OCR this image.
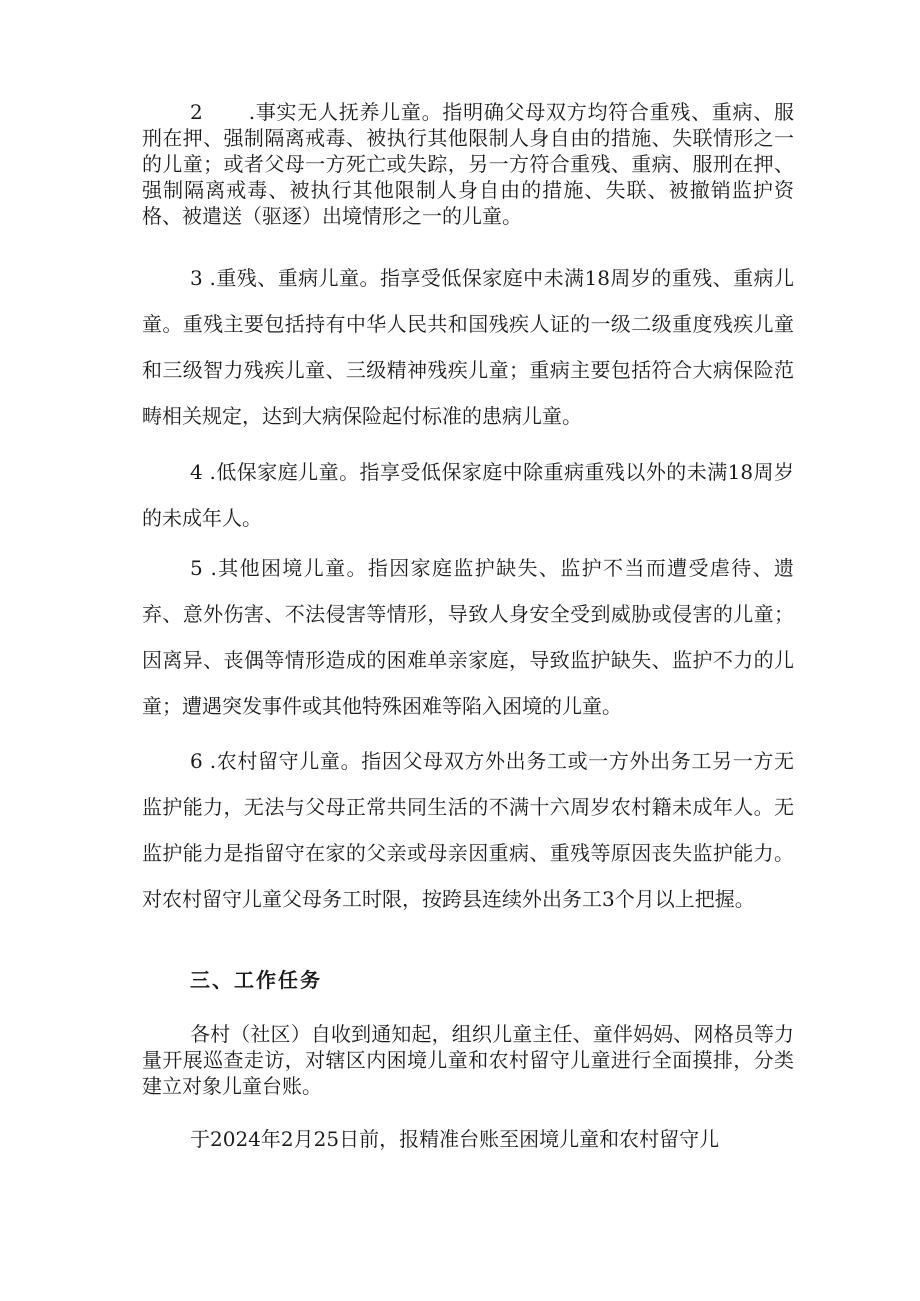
2 .事实无人抚养儿童。指明确父母双方均符合重残、重病、服刑在押、强制隔离戒毒、被执行其他限制人身自由的措施、失联情形之一的儿童；或者父母一方死亡或失踪，另一方符合重残、重病、服刑在押、强制隔离戒毒、被执行其他限制人身自由的措施、失联、被撤销监护资格、被遣送（驱逐）出境情形之一的儿童。

3 .重残、重病儿童。指享受低保家庭中未满18周岁的重残、重病儿童。重残主要包括持有中华人民共和国残疾人证的一级二级重度残疾儿童和三级智力残疾儿童、三级精神残疾儿童；重病主要包括符合大病保险范畴相关规定，达到大病保险起付标准的患病儿童。

4 .低保家庭儿童。指享受低保家庭中除重病重残以外的未满18周岁的未成年人。

5 .其他困境儿童。指因家庭监护缺失、监护不当而遭受虐待、遗弃、意外伤害、不法侵害等情形，导致人身安全受到威胁或侵害的儿童；因离异、丧偶等情形造成的困难单亲家庭，导致监护缺失、监护不力的儿童；遭遇突发事件或其他特殊困难等陷入困境的儿童。

6 .农村留守儿童。指因父母双方外出务工或一方外出务工另一方无监护能力，无法与父母正常共同生活的不满十六周岁农村籍未成年人。无监护能力是指留守在家的父亲或母亲因重病、重残等原因丧失监护能力。对农村留守儿童父母务工时限，按跨县连续外出务工3个月以上把握。

三、工作任务

各村（社区）自收到通知起，组织儿童主任、童伴妈妈、网格员等力量开展巡查走访，对辖区内困境儿童和农村留守儿童进行全面摸排，分类建立对象儿童台账。

于2024年2月25日前，报精准台账至困境儿童和农村留守儿
